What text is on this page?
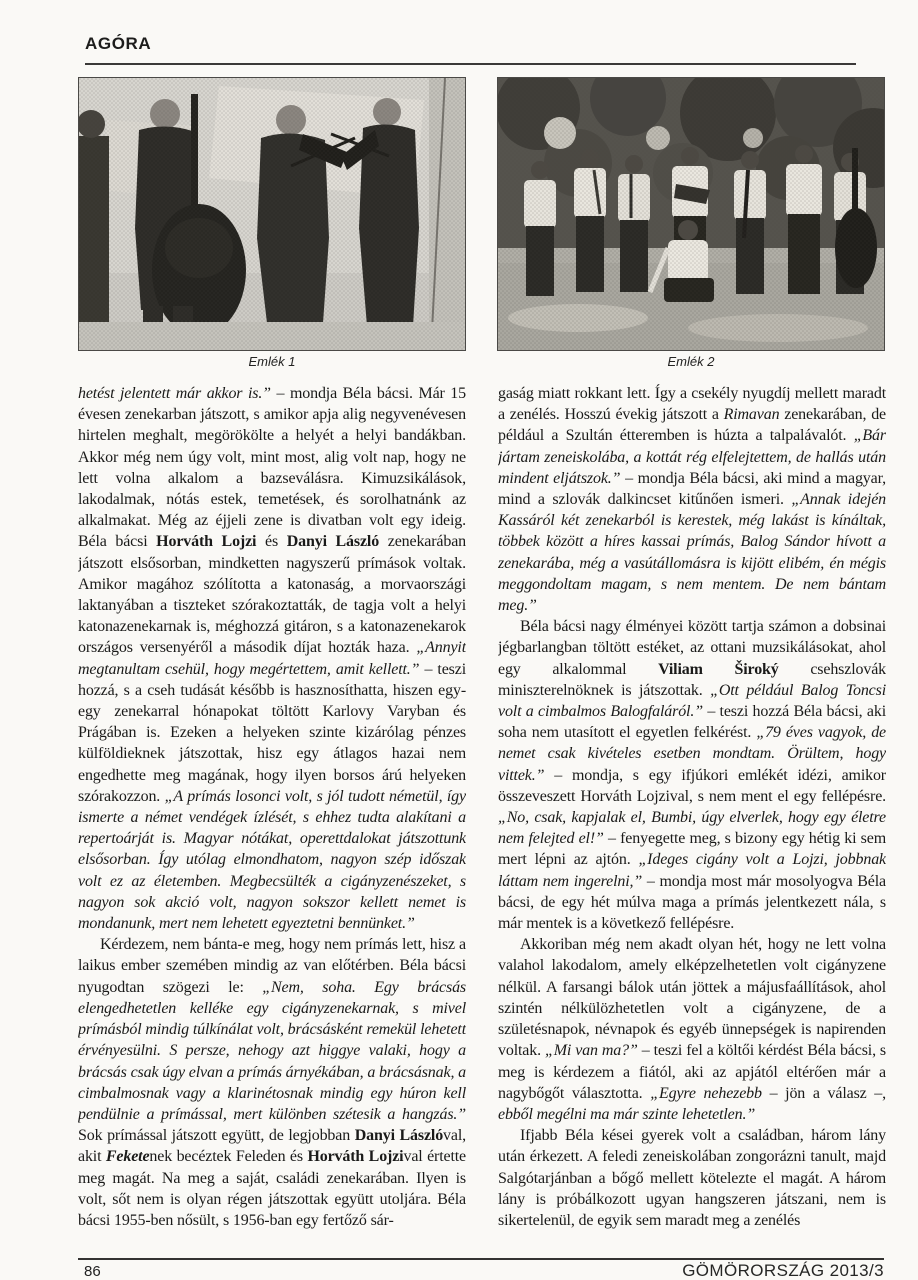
AGÓRA
Emlék 1	Emlék 2

hetést jelentett már akkor is.” – mondja Béla bácsi. Már 15 évesen zenekarban játszott, s amikor apja alig negyvenévesen hirtelen meghalt, megörökölte a helyét a helyi bandákban. Akkor még nem úgy volt, mint most, alig volt nap, hogy ne lett volna alkalom a bazseválásra. Kimuzsikálások, lakodalmak, nótás estek, temetések, és sorolhatnánk az alkalmakat. Még az éjjeli zene is divatban volt egy ideig. Béla bácsi Horváth Lojzi és Danyi László zenekarában játszott elsősorban, mindketten nagyszerű prímások voltak. Amikor magához szólította a katonaság, a morvaországi laktanyában a tiszteket szórakoztatták, de tagja volt a helyi katonazenekarnak is, méghozzá gitáron, s a katonazenekarok országos versenyéről a második díjat hozták haza. „Annyit megtanultam csehül, hogy megértettem, amit kellett.” – teszi hozzá, s a cseh tudását később is hasznosíthatta, hiszen egy-egy zenekarral hónapokat töltött Karlovy Varyban és Prágában is. Ezeken a helyeken szinte kizárólag pénzes külföldieknek játszottak, hisz egy átlagos hazai nem engedhette meg magának, hogy ilyen borsos árú helyeken szórakozzon. „A prímás losonci volt, s jól tudott németül, így ismerte a német vendégek ízlését, s ehhez tudta alakítani a repertoárját is. Magyar nótákat, operettdalokat játszottunk elsősorban. Így utólag elmondhatom, nagyon szép időszak volt ez az életemben. Megbecsülték a cigányzenészeket, s nagyon sok akció volt, nagyon sokszor kellett nemet is mondanunk, mert nem lehetett egyeztetni bennünket.”

Kérdezem, nem bánta-e meg, hogy nem prímás lett, hisz a laikus ember szemében mindig az van előtérben. Béla bácsi nyugodtan szögezi le: „Nem, soha. Egy brácsás elengedhetetlen kelléke egy cigányzenekarnak, s mivel prímásból mindig túlkínálat volt, brácsásként remekül lehetett érvényesülni. S persze, nehogy azt higgye valaki, hogy a brácsás csak úgy elvan a prímás árnyékában, a brácsásnak, a cimbalmosnak vagy a klarinétosnak mindig egy húron kell pendülnie a prímással, mert különben szétesik a hangzás.” Sok prímással játszott együtt, de legjobban Danyi Lászlóval, akit Feketenek becéztek Feleden és Horváth Lojzival értette meg magát. Na meg a saját, családi zenekarában. Ilyen is volt, sőt nem is olyan régen játszottak együtt utoljára. Béla bácsi 1955-ben nősült, s 1956-ban egy fertőző sár-

gaság miatt rokkant lett. Így a csekély nyugdíj mellett maradt a zenélés. Hosszú évekig játszott a Rimavan zenekarában, de például a Szultán étteremben is húzta a talpalávalót. „Bár jártam zeneiskolába, a kottát rég elfelejtettem, de hallás után mindent eljátszok.” – mondja Béla bácsi, aki mind a magyar, mind a szlovák dalkincset kitűnően ismeri. „Annak idején Kassáról két zenekarból is kerestek, még lakást is kínáltak, többek között a híres kassai prímás, Balog Sándor hívott a zenekarába, még a vasútállomásra is kijött elibém, én mégis meggondoltam magam, s nem mentem. De nem bántam meg.”

Béla bácsi nagy élményei között tartja számon a dobsinai jégbarlangban töltött estéket, az ottani muzsikálásokat, ahol egy alkalommal Viliam Široký csehszlovák miniszterelnöknek is játszottak. „Ott például Balog Toncsi volt a cimbalmos Balogfaláról.” – teszi hozzá Béla bácsi, aki soha nem utasított el egyetlen felkérést. „79 éves vagyok, de nemet csak kivételes esetben mondtam. Örültem, hogy vittek.” – mondja, s egy ifjúkori emlékét idézi, amikor összeveszett Horváth Lojzival, s nem ment el egy fellépésre. „No, csak, kapjalak el, Bumbi, úgy elverlek, hogy egy életre nem felejted el!” – fenyegette meg, s bizony egy hétig ki sem mert lépni az ajtón. „Ideges cigány volt a Lojzi, jobbnak láttam nem ingerelni,” – mondja most már mosolyogva Béla bácsi, de egy hét múlva maga a prímás jelentkezett nála, s már mentek is a következő fellépésre.

Akkoriban még nem akadt olyan hét, hogy ne lett volna valahol lakodalom, amely elképzelhetetlen volt cigányzene nélkül. A farsangi bálok után jöttek a májusfaállítások, ahol szintén nélkülözhetetlen volt a cigányzene, de a születésnapok, névnapok és egyéb ünnepségek is napirenden voltak. „Mi van ma?” – teszi fel a költői kérdést Béla bácsi, s meg is kérdezem a fiától, aki az apjától eltérően már a nagybőgőt választotta. „Egyre nehezebb – jön a válasz –, ebből megélni ma már szinte lehetetlen.”

Ifjabb Béla kései gyerek volt a családban, három lány után érkezett. A feledi zeneiskolában zongorázni tanult, majd Salgótarjánban a bőgő mellett kötelezte el magát. A három lány is próbálkozott ugyan hangszeren játszani, nem is sikertelenül, de egyik sem maradt meg a zenélés

86	GÖMÖRORSZÁG 2013/3
